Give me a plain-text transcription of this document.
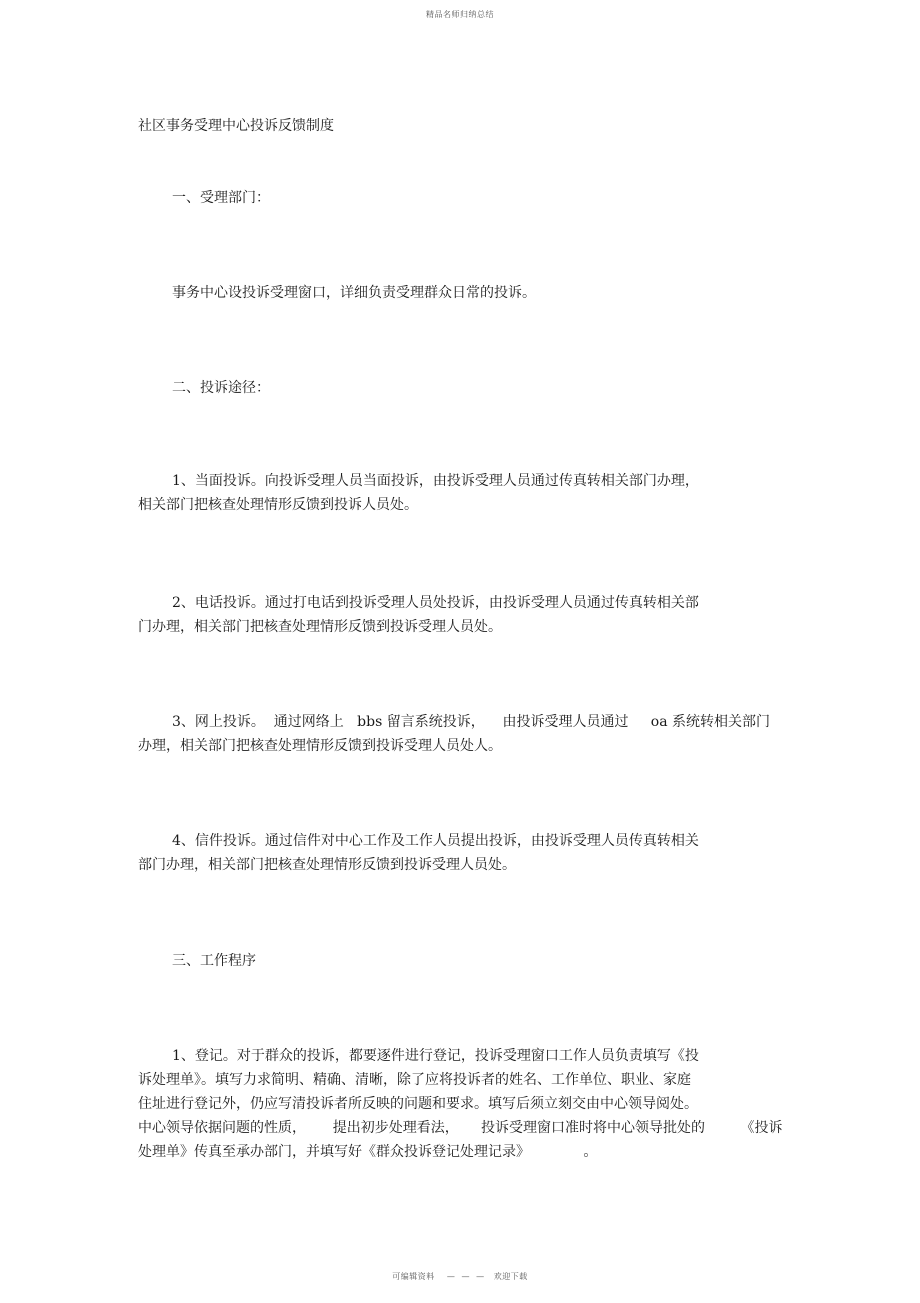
精品名师归纳总结
社区事务受理中心投诉反馈制度
一、受理部门：

事务中心设投诉受理窗口，详细负责受理群众日常的投诉。

二、投诉途径：

1、当面投诉。向投诉受理人员当面投诉，由投诉受理人员通过传真转相关部门办理，
相关部门把核查处理情形反馈到投诉人员处。

2、电话投诉。通过打电话到投诉受理人员处投诉，由投诉受理人员通过传真转相关部
门办理，相关部门把核查处理情形反馈到投诉受理人员处。

3、网上投诉。  通过网络上   bbs 留言系统投诉，    由投诉受理人员通过     oa 系统转相关部门
办理，相关部门把核查处理情形反馈到投诉受理人员处人。

4、信件投诉。通过信件对中心工作及工作人员提出投诉，由投诉受理人员传真转相关
部门办理，相关部门把核查处理情形反馈到投诉受理人员处。

三、工作程序

1、登记。对于群众的投诉，都要逐件进行登记，投诉受理窗口工作人员负责填写《投
诉处理单》。填写力求简明、精确、清晰，除了应将投诉者的姓名、工作单位、职业、家庭
住址进行登记外，仍应写清投诉者所反映的问题和要求。填写后须立刻交由中心领导阅处。
中心领导依据问题的性质，      提出初步处理看法，     投诉受理窗口准时将中心领导批处的        《投诉
处理单》传真至承办部门，并填写好《群众投诉登记处理记录》            。

可编辑资料    —  —  —   欢迎下载
